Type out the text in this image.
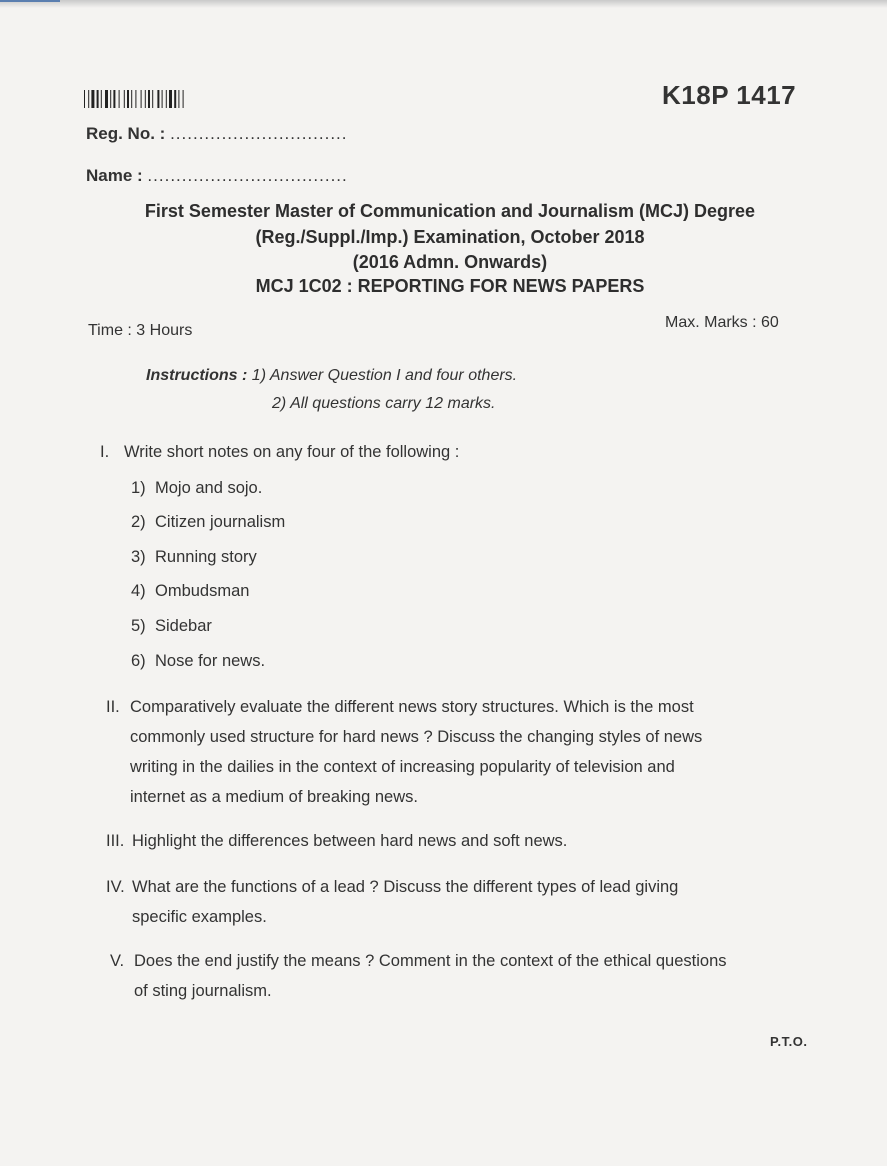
K18P 1417
Reg. No. : ...............................
Name : ...................................
First Semester Master of Communication and Journalism (MCJ) Degree
(Reg./Suppl./Imp.) Examination, October 2018
(2016 Admn. Onwards)
MCJ 1C02 : REPORTING FOR NEWS PAPERS
Time : 3 Hours	Max. Marks : 60
Instructions : 1) Answer Question I and four others.
2) All questions carry 12 marks.
I. Write short notes on any four of the following :
1) Mojo and sojo.
2) Citizen journalism
3) Running story
4) Ombudsman
5) Sidebar
6) Nose for news.
II. Comparatively evaluate the different news story structures. Which is the most
commonly used structure for hard news ? Discuss the changing styles of news
writing in the dailies in the context of increasing popularity of television and
internet as a medium of breaking news.
III. Highlight the differences between hard news and soft news.
IV. What are the functions of a lead ? Discuss the different types of lead giving
specific examples.
V. Does the end justify the means ? Comment in the context of the ethical questions
of sting journalism.
P.T.O.
